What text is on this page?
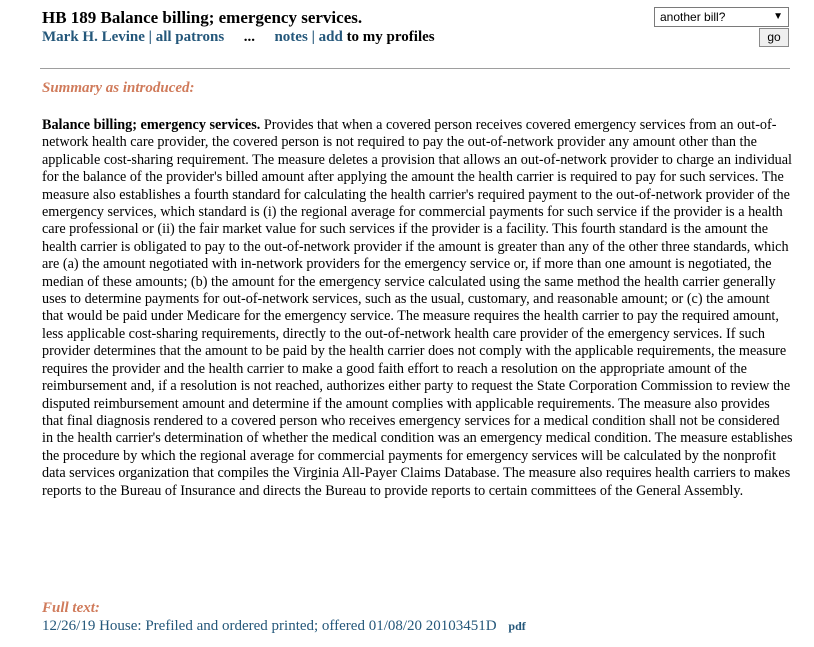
HB 189 Balance billing; emergency services.
Mark H. Levine | all patrons ... notes | add to my profiles
another bill?	▼
go
Summary as introduced:

Balance billing; emergency services. Provides that when a covered person receives covered emergency services from an out-of-network health care provider, the covered person is not required to pay the out-of-network provider any amount other than the applicable cost-sharing requirement. The measure deletes a provision that allows an out-of-network provider to charge an individual for the balance of the provider's billed amount after applying the amount the health carrier is required to pay for such services. The measure also establishes a fourth standard for calculating the health carrier's required payment to the out-of-network provider of the emergency services, which standard is (i) the regional average for commercial payments for such service if the provider is a health care professional or (ii) the fair market value for such services if the provider is a facility. This fourth standard is the amount the health carrier is obligated to pay to the out-of-network provider if the amount is greater than any of the other three standards, which are (a) the amount negotiated with in-network providers for the emergency service or, if more than one amount is negotiated, the median of these amounts; (b) the amount for the emergency service calculated using the same method the health carrier generally uses to determine payments for out-of-network services, such as the usual, customary, and reasonable amount; or (c) the amount that would be paid under Medicare for the emergency service. The measure requires the health carrier to pay the required amount, less applicable cost-sharing requirements, directly to the out-of-network health care provider of the emergency services. If such provider determines that the amount to be paid by the health carrier does not comply with the applicable requirements, the measure requires the provider and the health carrier to make a good faith effort to reach a resolution on the appropriate amount of the reimbursement and, if a resolution is not reached, authorizes either party to request the State Corporation Commission to review the disputed reimbursement amount and determine if the amount complies with applicable requirements. The measure also provides that final diagnosis rendered to a covered person who receives emergency services for a medical condition shall not be considered in the health carrier's determination of whether the medical condition was an emergency medical condition. The measure establishes the procedure by which the regional average for commercial payments for emergency services will be calculated by the nonprofit data services organization that compiles the Virginia All-Payer Claims Database. The measure also requires health carriers to makes reports to the Bureau of Insurance and directs the Bureau to provide reports to certain committees of the General Assembly.

Full text:
12/26/19 House: Prefiled and ordered printed; offered 01/08/20 20103451D pdf
